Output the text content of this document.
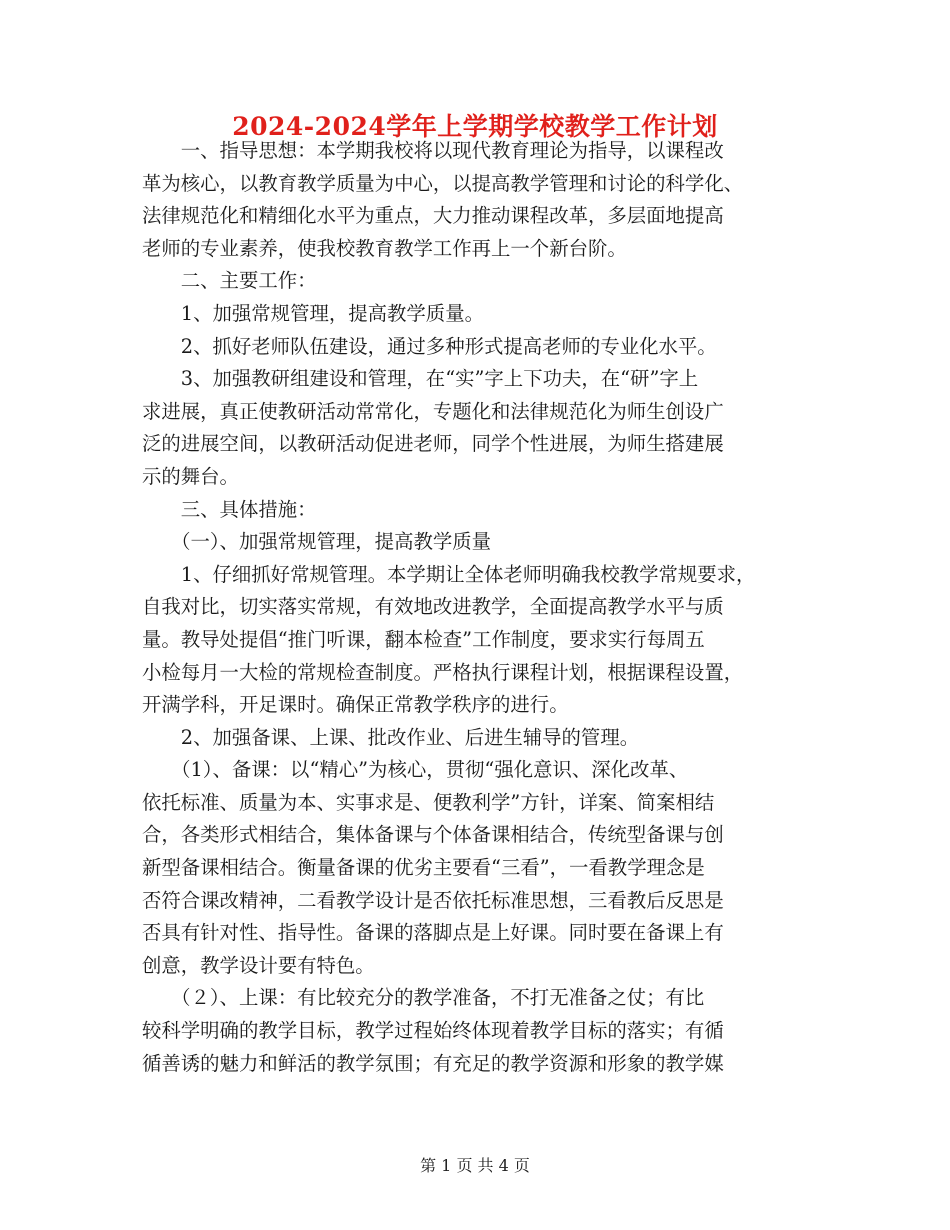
2024-2024学年上学期学校教学工作计划

　　一、指导思想：本学期我校将以现代教育理论为指导，以课程改

革为核心，以教育教学质量为中心，以提高教学管理和讨论的科学化、

法律规范化和精细化水平为重点，大力推动课程改革，多层面地提高

老师的专业素养，使我校教育教学工作再上一个新台阶。

　　二、主要工作：

　　1、加强常规管理，提高教学质量。

　　2、抓好老师队伍建设，通过多种形式提高老师的专业化水平。

　　3、加强教研组建设和管理，在“实”字上下功夫，在“研”字上

求进展，真正使教研活动常常化，专题化和法律规范化为师生创设广

泛的进展空间，以教研活动促进老师，同学个性进展，为师生搭建展

示的舞台。

　　三、具体措施：

　　（一）、加强常规管理，提高教学质量

　　1、仔细抓好常规管理。本学期让全体老师明确我校教学常规要求，

自我对比，切实落实常规，有效地改进教学，全面提高教学水平与质

量。教导处提倡“推门听课，翻本检查”工作制度，要求实行每周五

小检每月一大检的常规检查制度。严格执行课程计划，根据课程设置，

开满学科，开足课时。确保正常教学秩序的进行。

　　2、加强备课、上课、批改作业、后进生辅导的管理。

　　（1）、备课：以“精心”为核心，贯彻“强化意识、深化改革、

依托标准、质量为本、实事求是、便教利学”方针，详案、简案相结

合，各类形式相结合，集体备课与个体备课相结合，传统型备课与创

新型备课相结合。衡量备课的优劣主要看“三看”，一看教学理念是

否符合课改精神，二看教学设计是否依托标准思想，三看教后反思是

否具有针对性、指导性。备课的落脚点是上好课。同时要在备课上有

创意，教学设计要有特色。

　　（２）、上课：有比较充分的教学准备，不打无准备之仗；有比

较科学明确的教学目标，教学过程始终体现着教学目标的落实；有循

循善诱的魅力和鲜活的教学氛围；有充足的教学资源和形象的教学媒

第 1 页 共 4 页
